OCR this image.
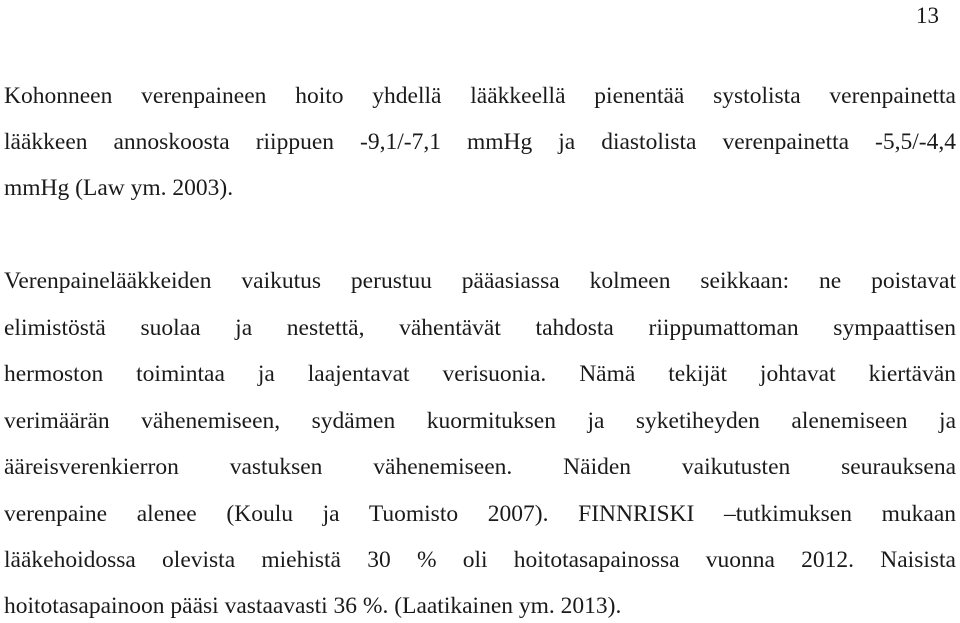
13
Kohonneen verenpaineen hoito yhdellä lääkkeellä pienentää systolista verenpainetta
lääkkeen annoskoosta riippuen -9,1/-7,1 mmHg ja diastolista verenpainetta -5,5/-4,4
mmHg (Law ym. 2003).
Verenpainelääkkeiden vaikutus perustuu pääasiassa kolmeen seikkaan: ne poistavat
elimistöstä suolaa ja nestettä, vähentävät tahdosta riippumattoman sympaattisen
hermoston toimintaa ja laajentavat verisuonia. Nämä tekijät johtavat kiertävän
verimäärän vähenemiseen, sydämen kuormituksen ja syketiheyden alenemiseen ja
ääreisverenkierron vastuksen vähenemiseen. Näiden vaikutusten seurauksena
verenpaine alenee (Koulu ja Tuomisto 2007). FINNRISKI –tutkimuksen mukaan
lääkehoidossa olevista miehistä 30 % oli hoitotasapainossa vuonna 2012. Naisista
hoitotasapainoon pääsi vastaavasti 36 %. (Laatikainen ym. 2013).
